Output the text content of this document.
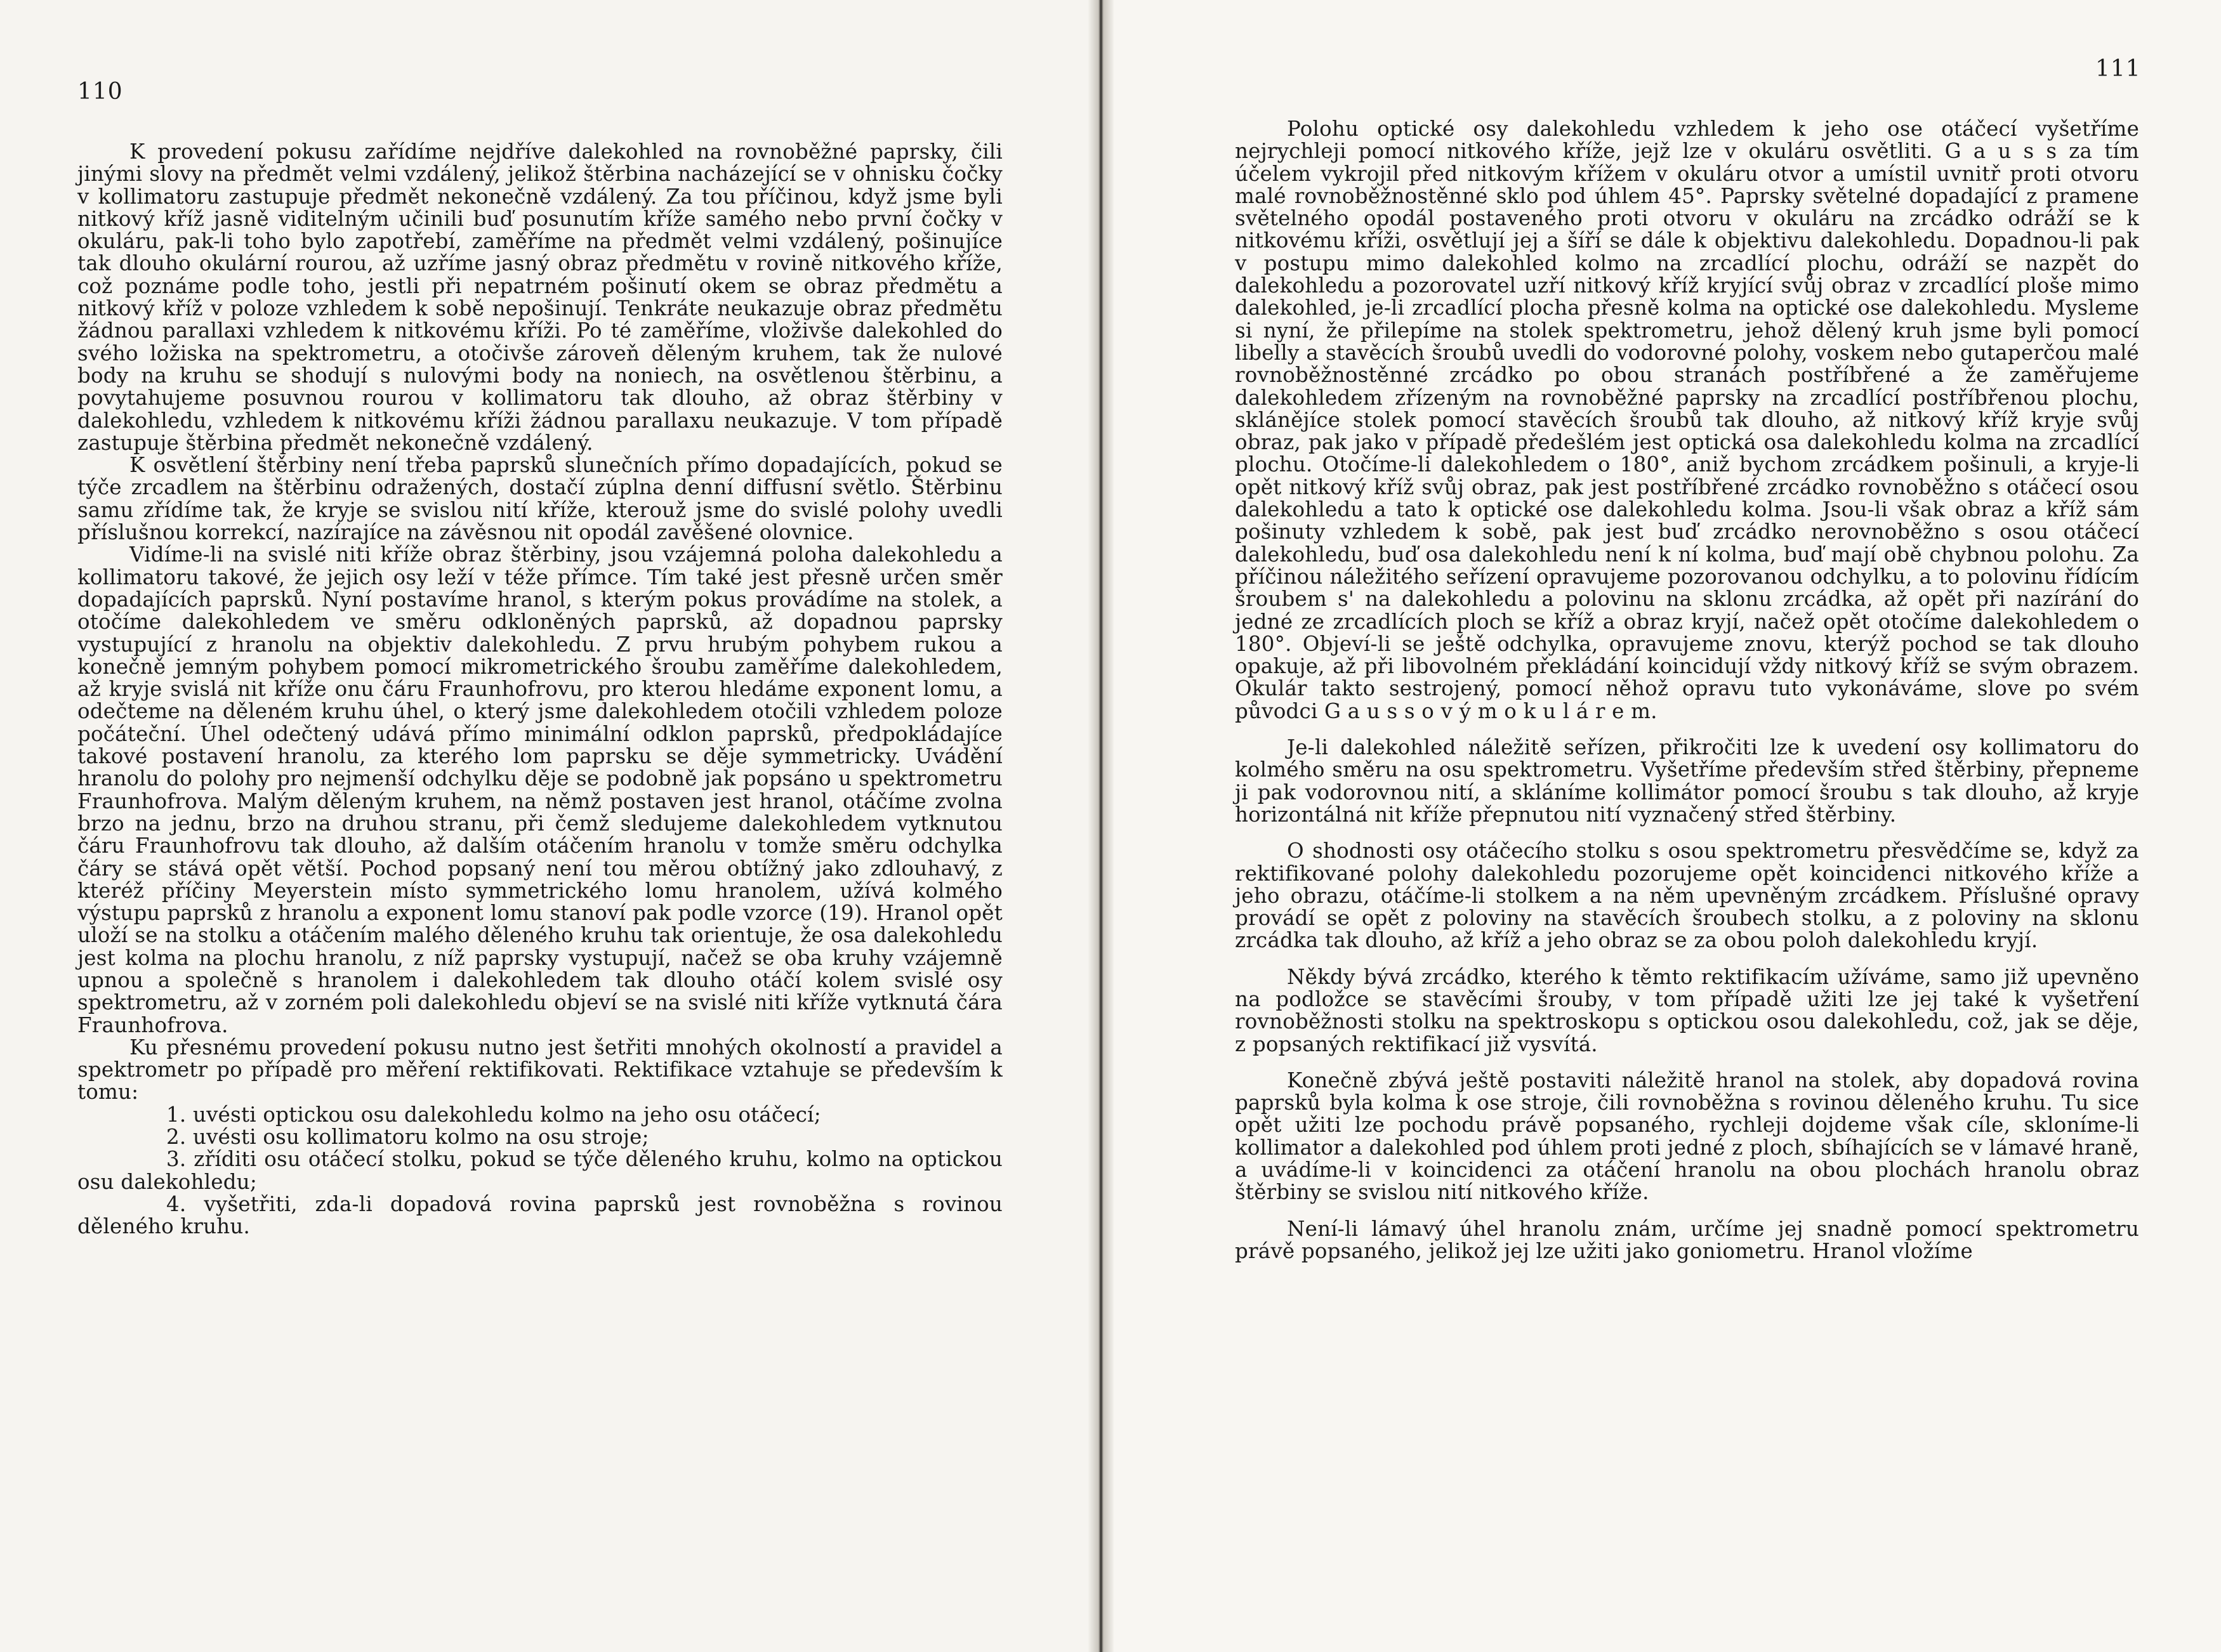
110

K provedení pokusu zařídíme nejdříve dalekohled na rovnoběžné paprsky, čili jinými slovy na předmět velmi vzdálený, jelikož štěrbina nacházející se v ohnisku čočky v kollimatoru zastupuje předmět nekonečně vzdálený. Za tou příčinou, když jsme byli nitkový kříž jasně viditelným učinili buď posunutím kříže samého nebo první čočky v okuláru, pak-li toho bylo zapotřebí, zaměříme na předmět velmi vzdálený, pošinujíce tak dlouho okulární rourou, až uzříme jasný obraz předmětu v rovině nitkového kříže, což poznáme podle toho, jestli při nepatrném pošinutí okem se obraz předmětu a nitkový kříž v poloze vzhledem k sobě nepošinují. Tenkráte neukazuje obraz předmětu žádnou parallaxi vzhledem k nitkovému kříži. Po té zaměříme, vloživše dalekohled do svého ložiska na spektrometru, a otočivše zároveň děleným kruhem, tak že nulové body na kruhu se shodují s nulovými body na noniech, na osvětlenou štěrbinu, a povytahujeme posuvnou rourou v kollimatoru tak dlouho, až obraz štěrbiny v dalekohledu, vzhledem k nitkovému kříži žádnou parallaxu neukazuje. V tom případě zastupuje štěrbina předmět nekonečně vzdálený.

K osvětlení štěrbiny není třeba paprsků slunečních přímo dopadajících, pokud se týče zrcadlem na štěrbinu odražených, dostačí zúplna denní diffusní světlo. Štěrbinu samu zřídíme tak, že kryje se svislou nití kříže, kterouž jsme do svislé polohy uvedli příslušnou korrekcí, nazírajíce na závěsnou nit opodál zavěšené olovnice.

Vidíme-li na svislé niti kříže obraz štěrbiny, jsou vzájemná poloha dalekohledu a kollimatoru takové, že jejich osy leží v téže přímce. Tím také jest přesně určen směr dopadajících paprsků. Nyní postavíme hranol, s kterým pokus provádíme na stolek, a otočíme dalekohledem ve směru odkloněných paprsků, až dopadnou paprsky vystupující z hranolu na objektiv dalekohledu. Z prvu hrubým pohybem rukou a konečně jemným pohybem pomocí mikrometrického šroubu zaměříme dalekohledem, až kryje svislá nit kříže onu čáru Fraunhofrovu, pro kterou hledáme exponent lomu, a odečteme na děleném kruhu úhel, o který jsme dalekohledem otočili vzhledem poloze počáteční. Úhel odečtený udává přímo minimální odklon paprsků, předpokládajíce takové postavení hranolu, za kterého lom paprsku se děje symmetricky. Uvádění hranolu do polohy pro nejmenší odchylku děje se podobně jak popsáno u spektrometru Fraunhofrova. Malým děleným kruhem, na němž postaven jest hranol, otáčíme zvolna brzo na jednu, brzo na druhou stranu, při čemž sledujeme dalekohledem vytknutou čáru Fraunhofrovu tak dlouho, až dalším otáčením hranolu v tomže směru odchylka čáry se stává opět větší. Pochod popsaný není tou měrou obtížný jako zdlouhavý, z kteréž příčiny Meyerstein místo symmetrického lomu hranolem, užívá kolmého výstupu paprsků z hranolu a exponent lomu stanoví pak podle vzorce (19). Hranol opět uloží se na stolku a otáčením malého děleného kruhu tak orientuje, že osa dalekohledu jest kolma na plochu hranolu, z níž paprsky vystupují, načež se oba kruhy vzájemně upnou a společně s hranolem i dalekohledem tak dlouho otáčí kolem svislé osy spektrometru, až v zorném poli dalekohledu objeví se na svislé niti kříže vytknutá čára Fraunhofrova.

Ku přesnému provedení pokusu nutno jest šetřiti mnohých okolností a pravidel a spektrometr po případě pro měření rektifikovati. Rektifikace vztahuje se především k tomu:

1. uvésti optickou osu dalekohledu kolmo na jeho osu otáčecí;

2. uvésti osu kollimatoru kolmo na osu stroje;

3. zříditi osu otáčecí stolku, pokud se týče děleného kruhu, kolmo na optickou osu dalekohledu;

4. vyšetřiti, zda-li dopadová rovina paprsků jest rovnoběžna s rovinou děleného kruhu.

111

Polohu optické osy dalekohledu vzhledem k jeho ose otáčecí vyšetříme nejrychleji pomocí nitkového kříže, jejž lze v okuláru osvětliti. G a u s s za tím účelem vykrojil před nitkovým křížem v okuláru otvor a umístil uvnitř proti otvoru malé rovnoběžnostěnné sklo pod úhlem 45°. Paprsky světelné dopadající z pramene světelného opodál postaveného proti otvoru v okuláru na zrcádko odráží se k nitkovému kříži, osvětlují jej a šíří se dále k objektivu dalekohledu. Dopadnou-li pak v postupu mimo dalekohled kolmo na zrcadlící plochu, odráží se nazpět do dalekohledu a pozorovatel uzří nitkový kříž kryjící svůj obraz v zrcadlící ploše mimo dalekohled, je-li zrcadlící plocha přesně kolma na optické ose dalekohledu. Mysleme si nyní, že přilepíme na stolek spektrometru, jehož dělený kruh jsme byli pomocí libelly a stavěcích šroubů uvedli do vodorovné polohy, voskem nebo gutaperčou malé rovnoběžnostěnné zrcádko po obou stranách postříbřené a že zaměřujeme dalekohledem zřízeným na rovnoběžné paprsky na zrcadlící postříbřenou plochu, sklánějíce stolek pomocí stavěcích šroubů tak dlouho, až nitkový kříž kryje svůj obraz, pak jako v případě předešlém jest optická osa dalekohledu kolma na zrcadlící plochu. Otočíme-li dalekohledem o 180°, aniž bychom zrcádkem pošinuli, a kryje-li opět nitkový kříž svůj obraz, pak jest postříbřené zrcádko rovnoběžno s otáčecí osou dalekohledu a tato k optické ose dalekohledu kolma. Jsou-li však obraz a kříž sám pošinuty vzhledem k sobě, pak jest buď zrcádko nerovnoběžno s osou otáčecí dalekohledu, buď osa dalekohledu není k ní kolma, buď mají obě chybnou polohu. Za příčinou náležitého seřízení opravujeme pozorovanou odchylku, a to polovinu řídícím šroubem s' na dalekohledu a polovinu na sklonu zrcádka, až opět při nazírání do jedné ze zrcadlících ploch se kříž a obraz kryjí, načež opět otočíme dalekohledem o 180°. Objeví-li se ještě odchylka, opravujeme znovu, kterýž pochod se tak dlouho opakuje, až při libovolném překládání koincidují vždy nitkový kříž se svým obrazem. Okulár takto sestrojený, pomocí něhož opravu tuto vykonáváme, slove po svém původci G a u s s o v ý m o k u l á r e m.

Je-li dalekohled náležitě seřízen, přikročiti lze k uvedení osy kollimatoru do kolmého směru na osu spektrometru. Vyšetříme především střed štěrbiny, přepneme ji pak vodorovnou nití, a skláníme kollimátor pomocí šroubu s tak dlouho, až kryje horizontálná nit kříže přepnutou nití vyznačený střed štěrbiny.

O shodnosti osy otáčecího stolku s osou spektrometru přesvědčíme se, když za rektifikované polohy dalekohledu pozorujeme opět koincidenci nitkového kříže a jeho obrazu, otáčíme-li stolkem a na něm upevněným zrcádkem. Příslušné opravy provádí se opět z poloviny na stavěcích šroubech stolku, a z poloviny na sklonu zrcádka tak dlouho, až kříž a jeho obraz se za obou poloh dalekohledu kryjí.

Někdy bývá zrcádko, kterého k těmto rektifikacím užíváme, samo již upevněno na podložce se stavěcími šrouby, v tom případě užiti lze jej také k vyšetření rovnoběžnosti stolku na spektroskopu s optickou osou dalekohledu, což, jak se děje, z popsaných rektifikací již vysvítá.

Konečně zbývá ještě postaviti náležitě hranol na stolek, aby dopadová rovina paprsků byla kolma k ose stroje, čili rovnoběžna s rovinou děleného kruhu. Tu sice opět užiti lze pochodu právě popsaného, rychleji dojdeme však cíle, skloníme-li kollimator a dalekohled pod úhlem proti jedné z ploch, sbíhajících se v lámavé hraně, a uvádíme-li v koincidenci za otáčení hranolu na obou plochách hranolu obraz štěrbiny se svislou nití nitkového kříže.

Není-li lámavý úhel hranolu znám, určíme jej snadně pomocí spektrometru právě popsaného, jelikož jej lze užiti jako goniometru. Hranol vložíme
